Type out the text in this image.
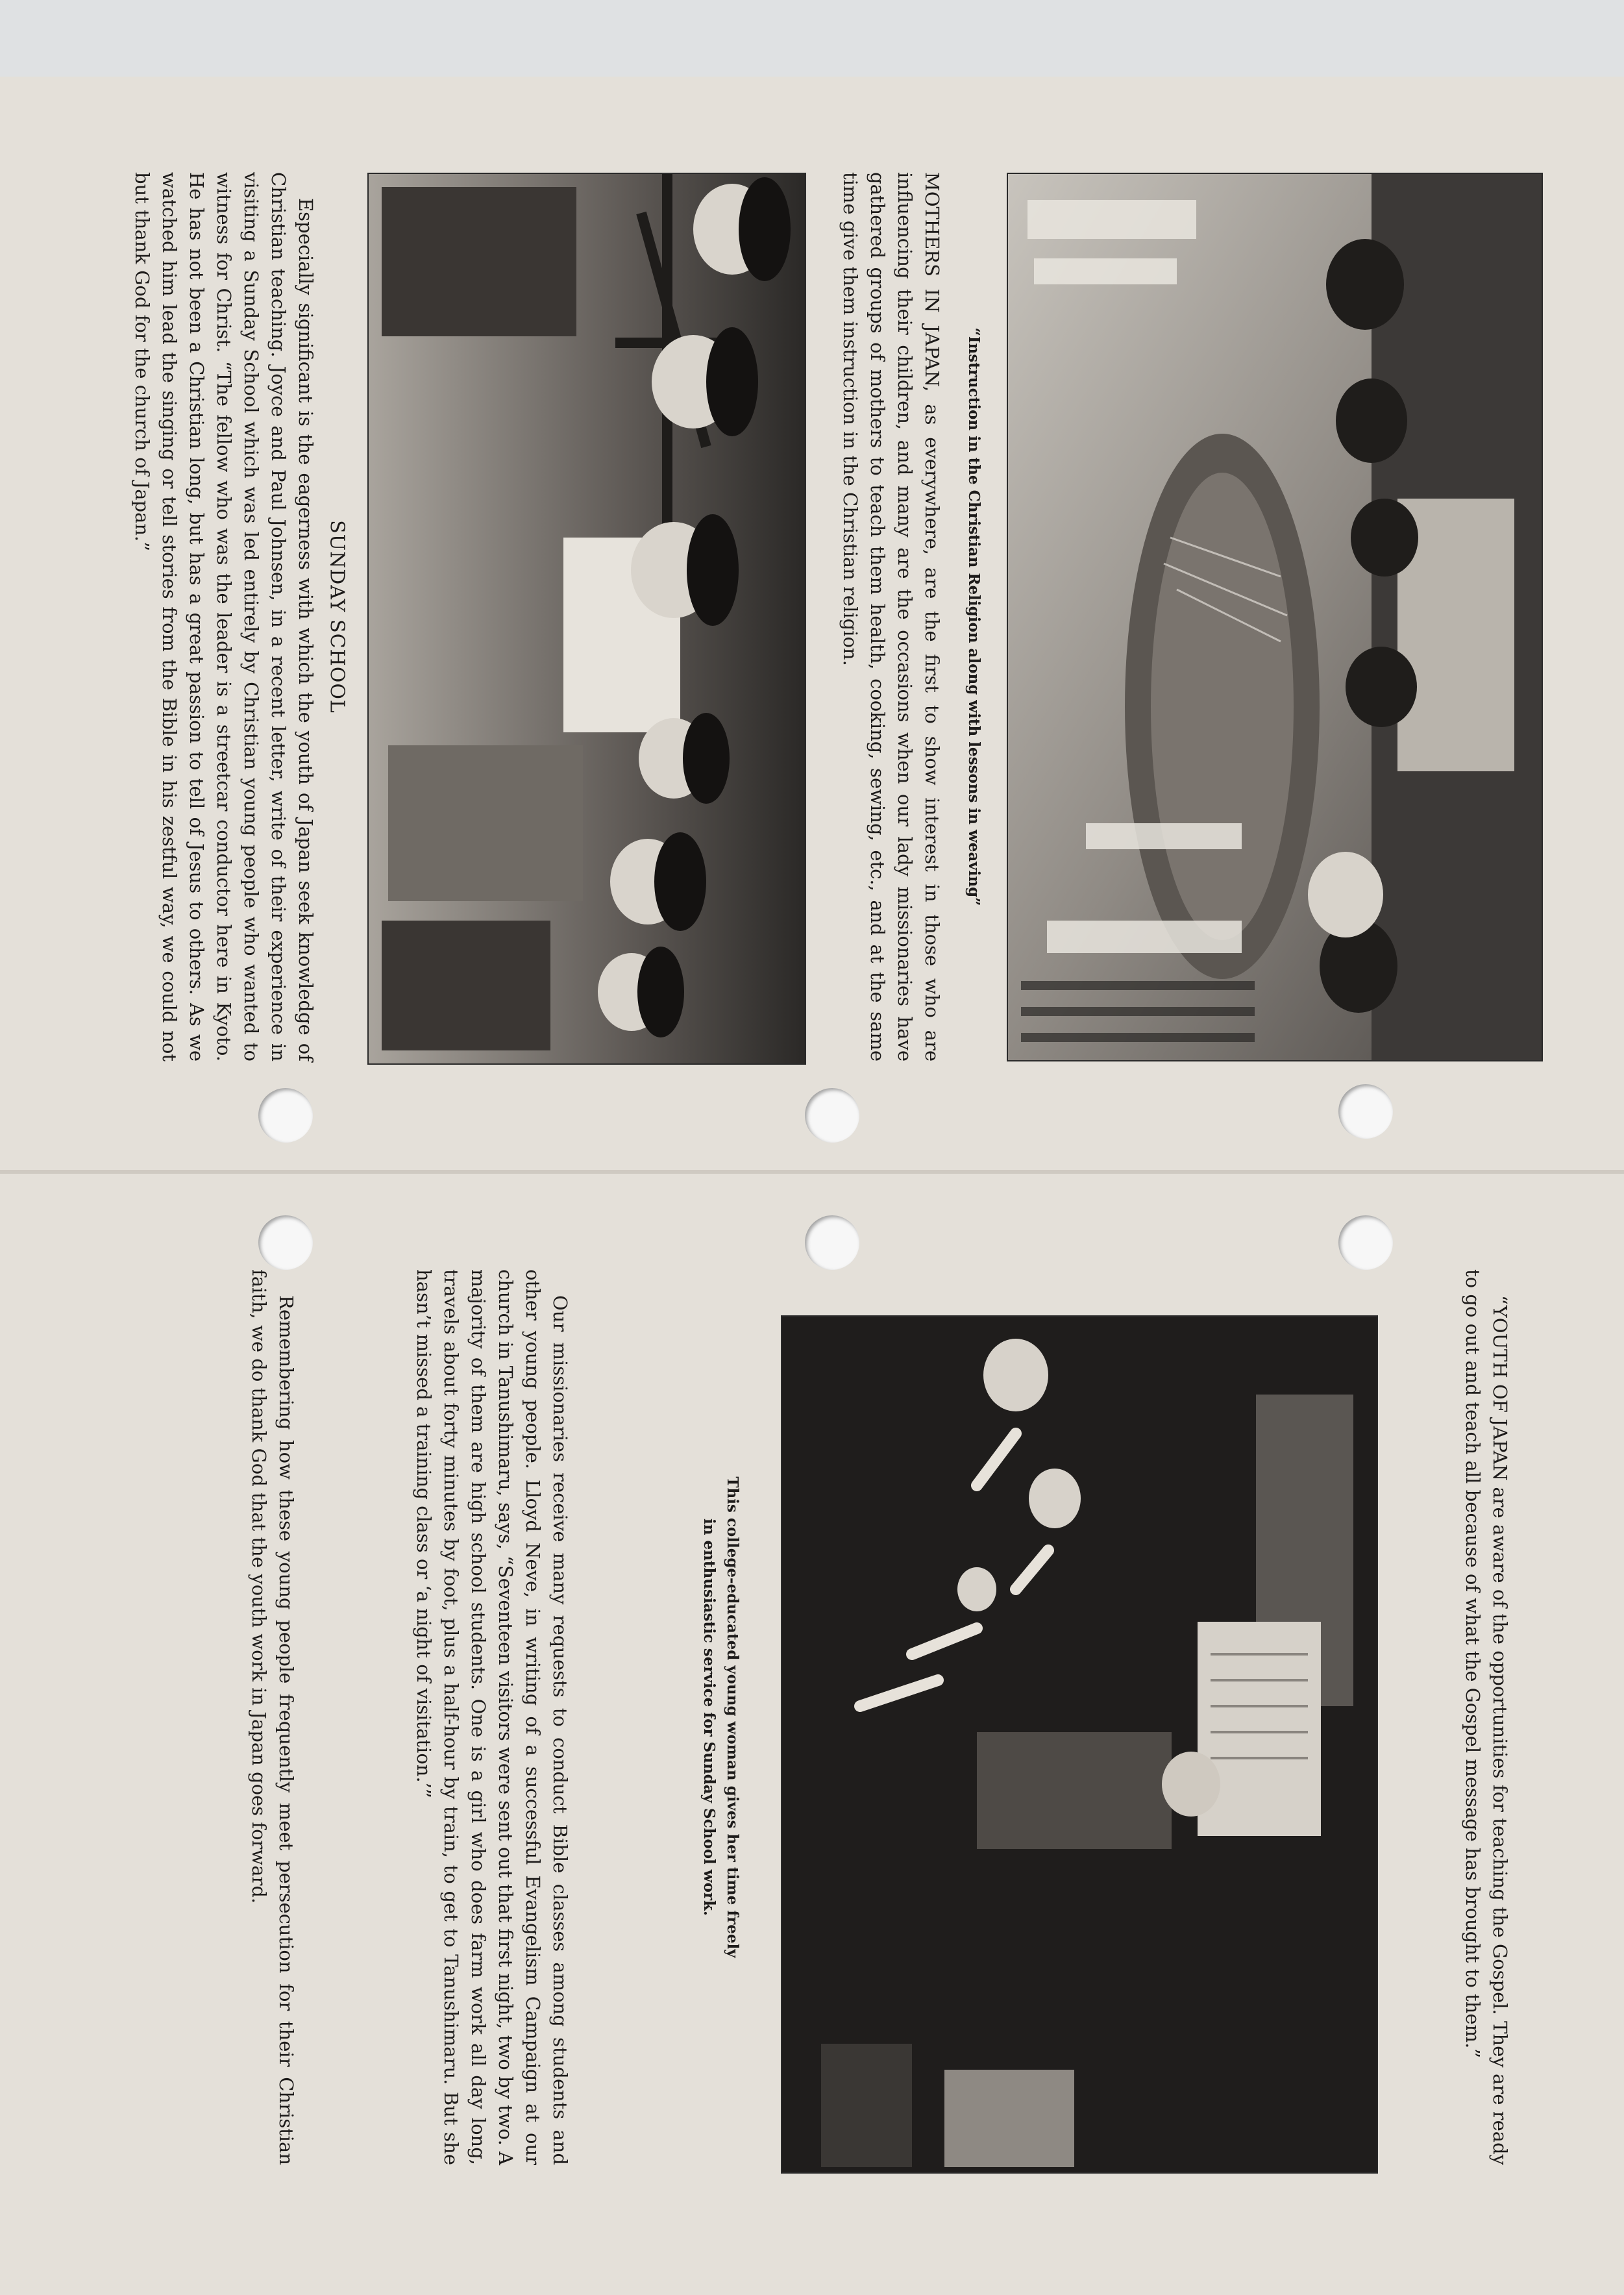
“Instruction in the Christian Religion along with lessons in weaving”

MOTHERS IN JAPAN, as everywhere, are the first to show interest in those who are influencing their children, and many are the occasions when our lady missionaries have gathered groups of mothers to teach them health, cooking, sewing, etc., and at the same time give them instruction in the Christian religion.

SUNDAY SCHOOL

Especially significant is the eagerness with which the youth of Japan seek knowledge of Christian teaching. Joyce and Paul Johnsen, in a recent letter, write of their experience in visiting a Sunday School which was led entirely by Christian young people who wanted to witness for Christ. “The fellow who was the leader is a streetcar conductor here in Kyoto. He has not been a Christian long, but has a great passion to tell of Jesus to others. As we watched him lead the singing or tell stories from the Bible in his zestful way, we could not but thank God for the church of Japan.”

“YOUTH OF JAPAN are aware of the opportunities for teaching the Gospel. They are ready to go out and teach all because of what the Gospel message has brought to them.”

This college-educated young woman gives her time freely
in enthusiastic service for Sunday School work.

Our missionaries receive many requests to conduct Bible classes among students and other young people. Lloyd Neve, in writing of a successful Evangelism Campaign at our church in Tanushimaru, says, “Seventeen visitors were sent out that first night, two by two. A majority of them are high school students. One is a girl who does farm work all day long, travels about forty minutes by foot, plus a half-hour by train, to get to Tanushimaru. But she hasn’t missed a training class or ‘a night of visitation.’”

Remembering how these young people frequently meet persecution for their Christian faith, we do thank God that the youth work in Japan goes forward.
